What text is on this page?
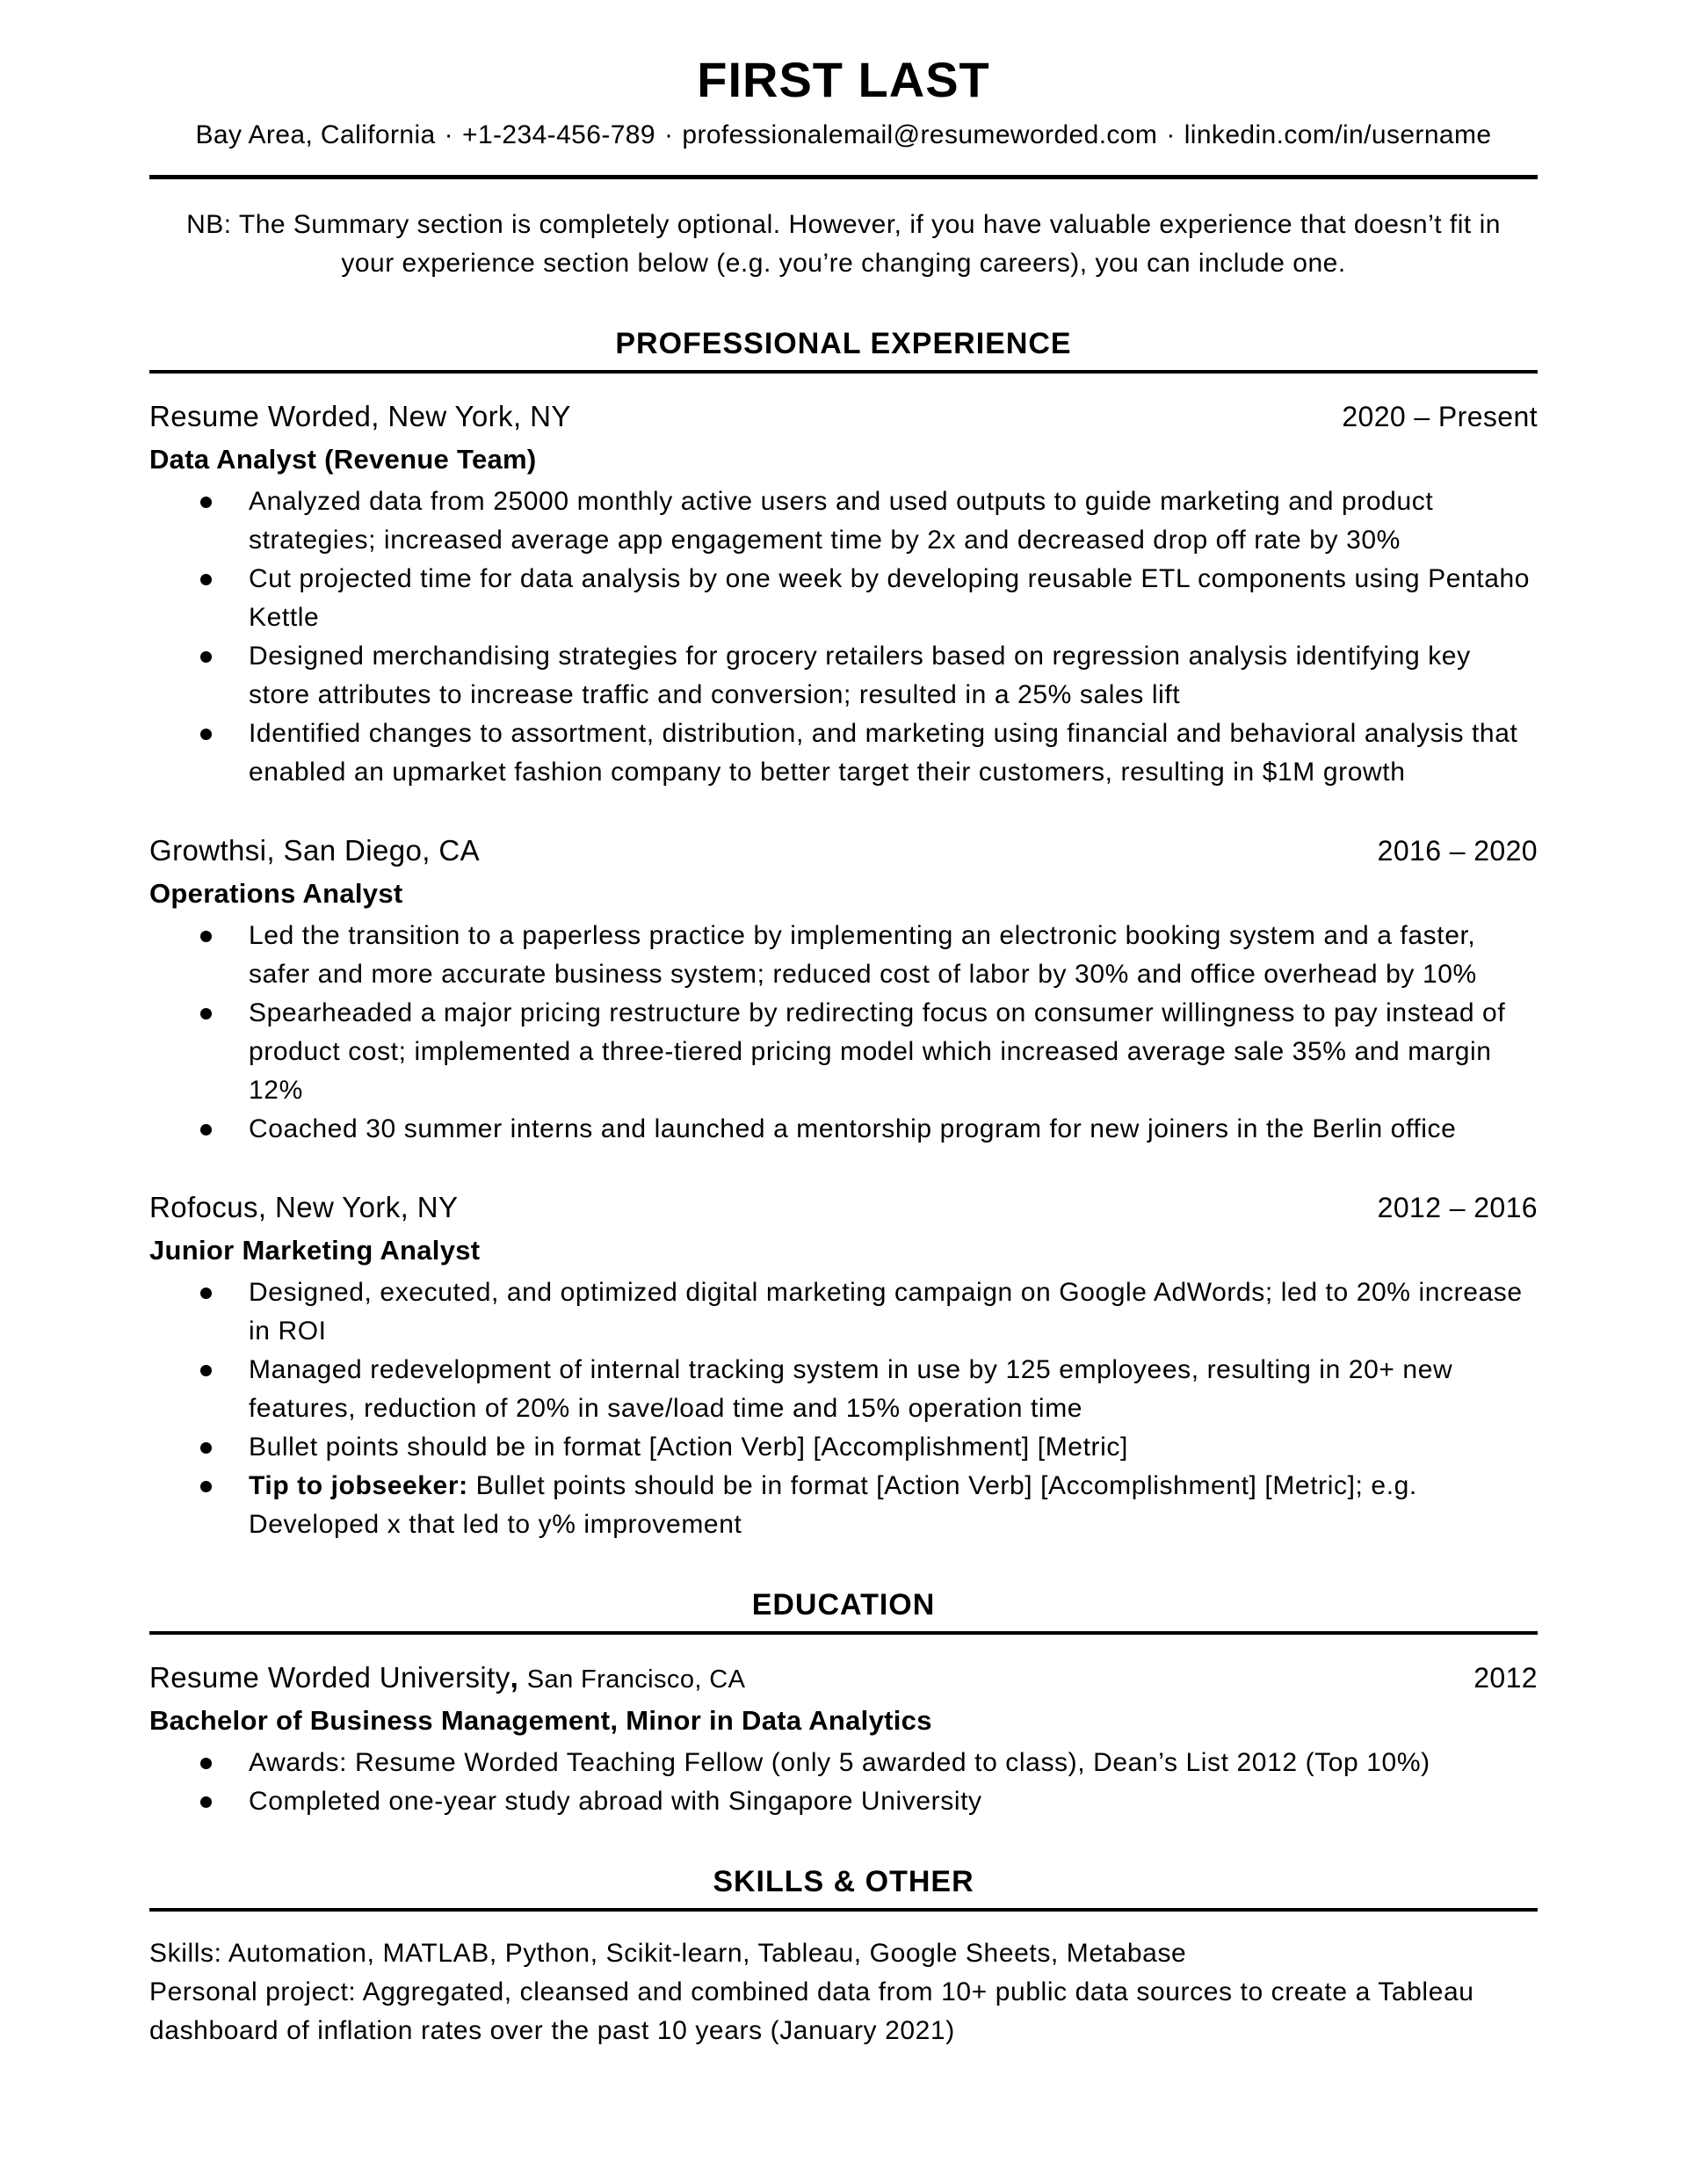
FIRST LAST
Bay Area, California · +1-234-456-789 · professionalemail@resumeworded.com · linkedin.com/in/username

NB: The Summary section is completely optional. However, if you have valuable experience that doesn’t fit in your experience section below (e.g. you’re changing careers), you can include one.

PROFESSIONAL EXPERIENCE
Resume Worded, New York, NY	2020 – Present
Data Analyst (Revenue Team)
Analyzed data from 25000 monthly active users and used outputs to guide marketing and product strategies; increased average app engagement time by 2x and decreased drop off rate by 30%
Cut projected time for data analysis by one week by developing reusable ETL components using Pentaho Kettle
Designed merchandising strategies for grocery retailers based on regression analysis identifying key store attributes to increase traffic and conversion; resulted in a 25% sales lift
Identified changes to assortment, distribution, and marketing using financial and behavioral analysis that enabled an upmarket fashion company to better target their customers, resulting in $1M growth
Growthsi, San Diego, CA	2016 – 2020
Operations Analyst
Led the transition to a paperless practice by implementing an electronic booking system and a faster, safer and more accurate business system; reduced cost of labor by 30% and office overhead by 10%
Spearheaded a major pricing restructure by redirecting focus on consumer willingness to pay instead of product cost; implemented a three-tiered pricing model which increased average sale 35% and margin 12%
Coached 30 summer interns and launched a mentorship program for new joiners in the Berlin office
Rofocus, New York, NY	2012 – 2016
Junior Marketing Analyst
Designed, executed, and optimized digital marketing campaign on Google AdWords; led to 20% increase in ROI
Managed redevelopment of internal tracking system in use by 125 employees, resulting in 20+ new features, reduction of 20% in save/load time and 15% operation time
Bullet points should be in format [Action Verb] [Accomplishment] [Metric]
Tip to jobseeker: Bullet points should be in format [Action Verb] [Accomplishment] [Metric]; e.g. Developed x that led to y% improvement
EDUCATION
Resume Worded University, San Francisco, CA	2012
Bachelor of Business Management, Minor in Data Analytics
Awards: Resume Worded Teaching Fellow (only 5 awarded to class), Dean’s List 2012 (Top 10%)
Completed one-year study abroad with Singapore University
SKILLS & OTHER

Skills: Automation, MATLAB, Python, Scikit-learn, Tableau, Google Sheets, Metabase

Personal project: Aggregated, cleansed and combined data from 10+ public data sources to create a Tableau dashboard of inflation rates over the past 10 years (January 2021)
